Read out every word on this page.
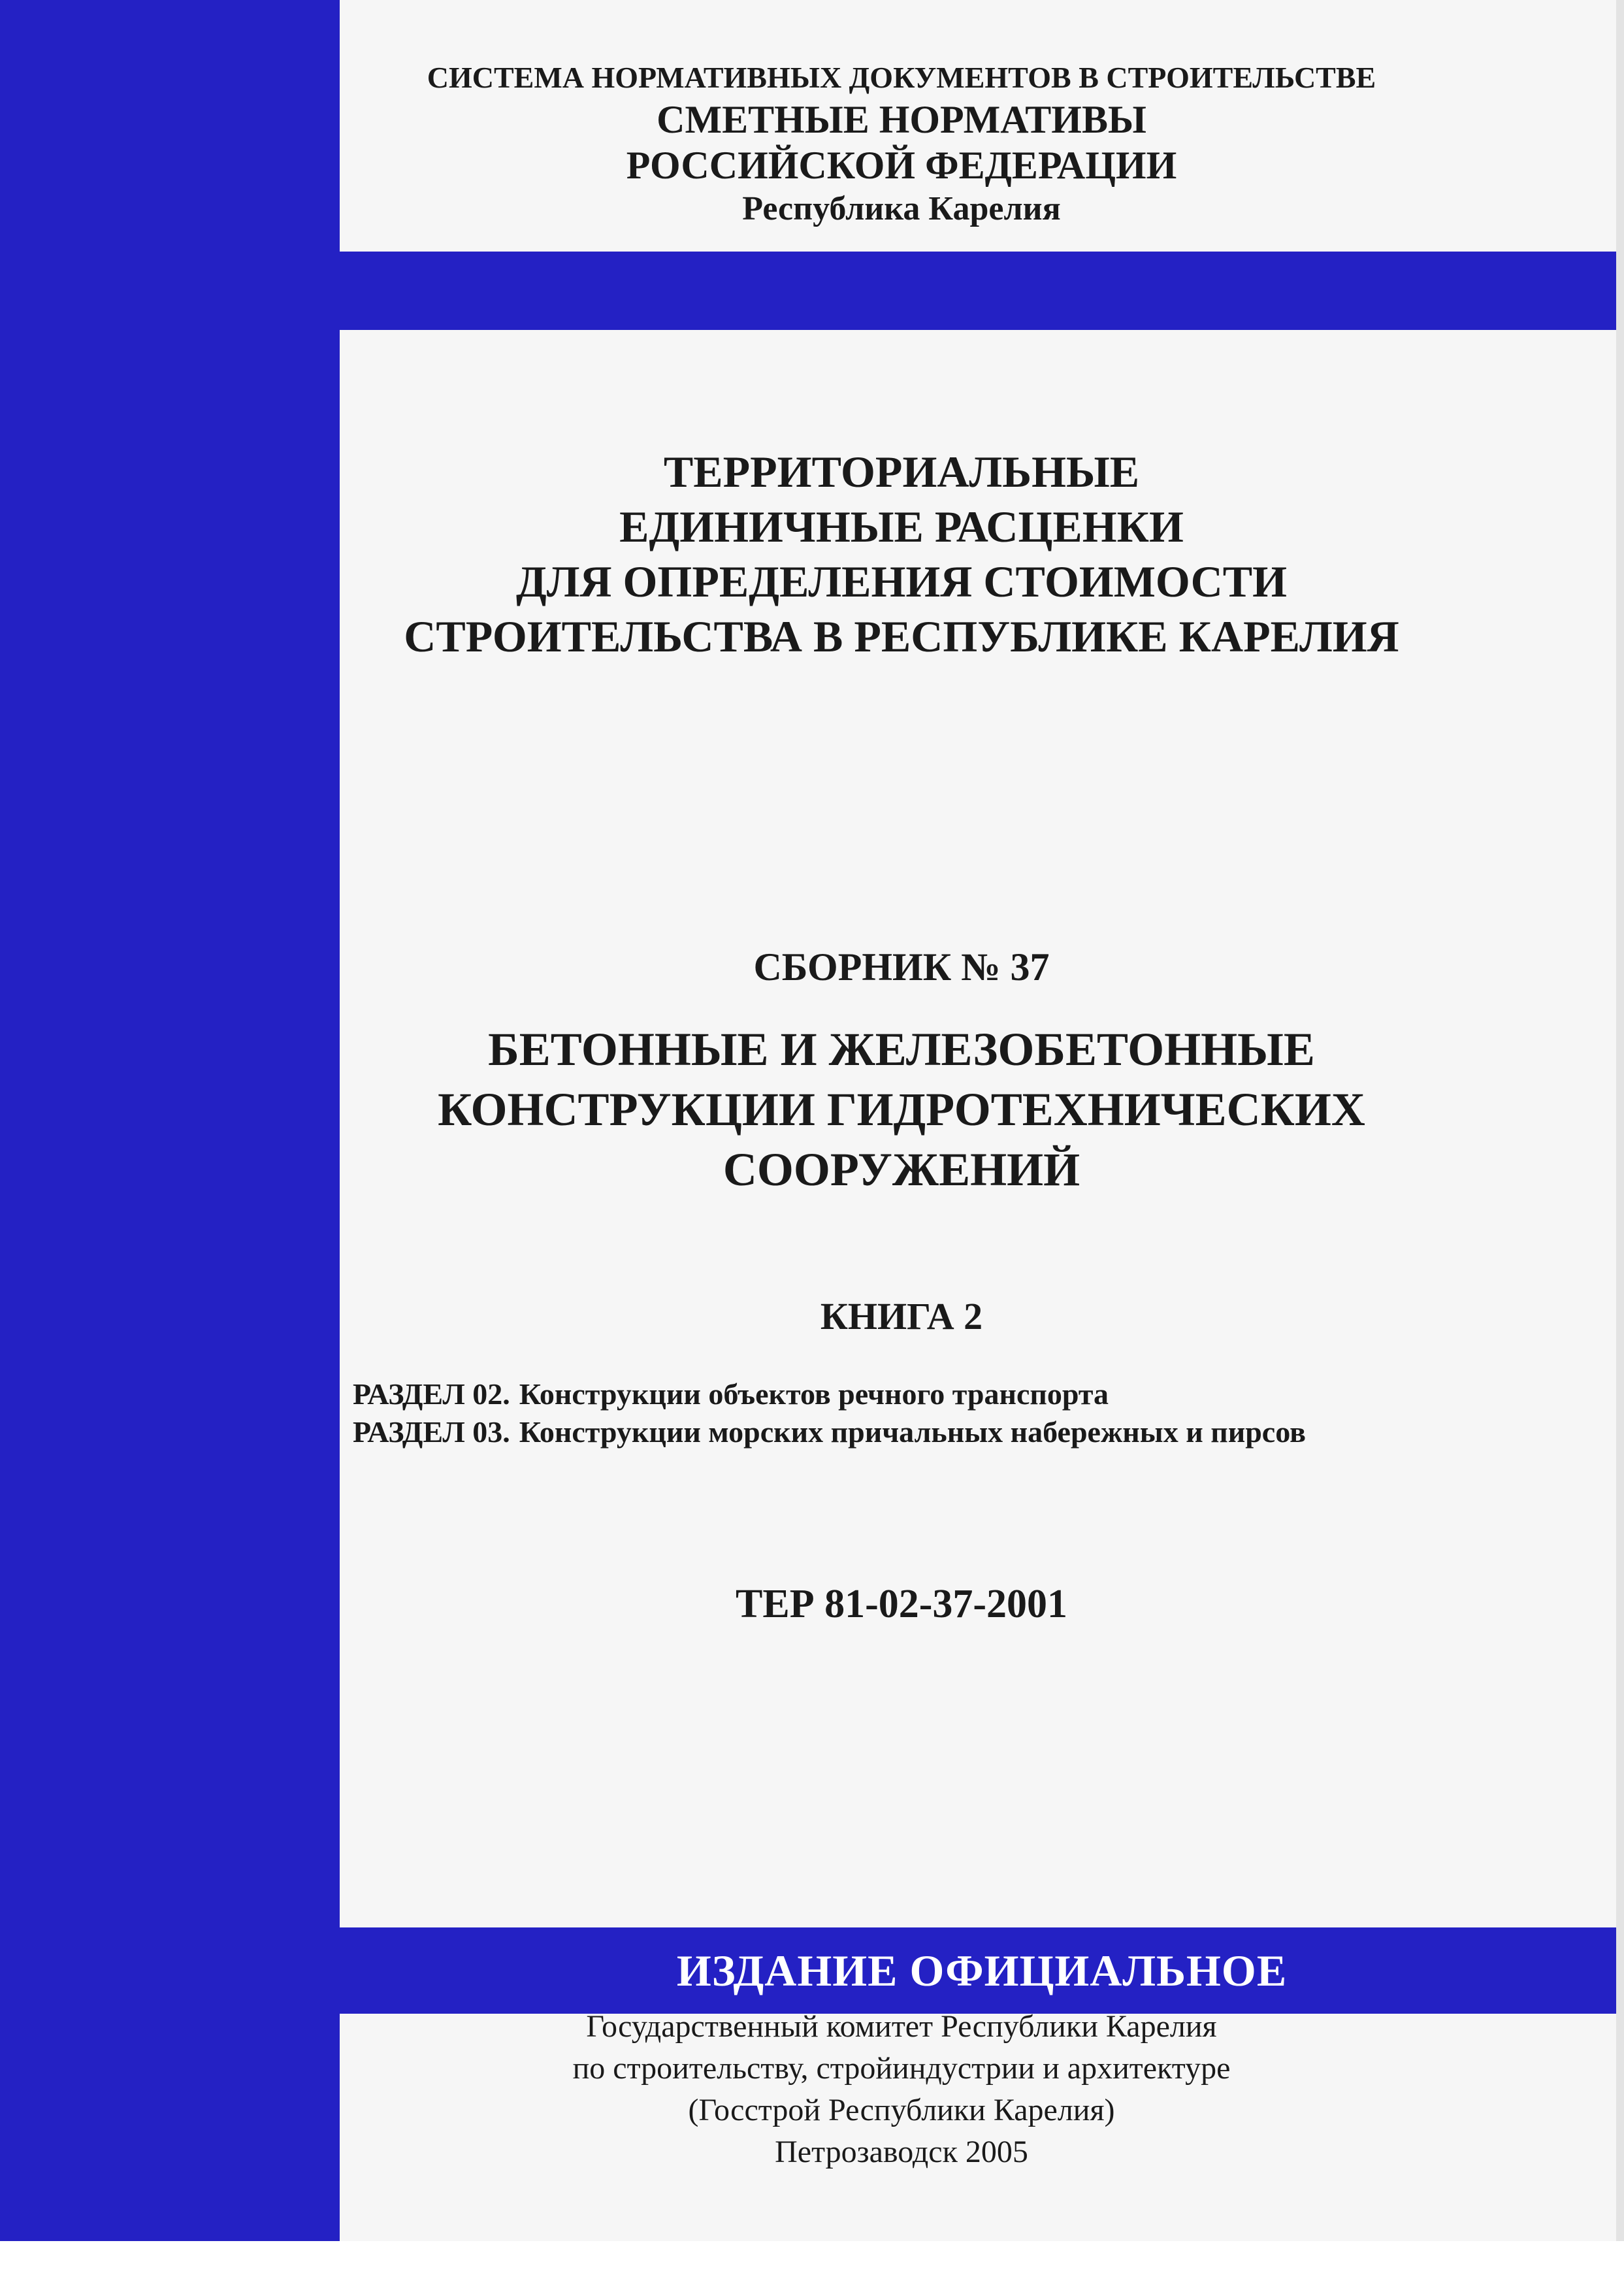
СИСТЕМА НОРМАТИВНЫХ ДОКУМЕНТОВ В СТРОИТЕЛЬСТВЕ
СМЕТНЫЕ НОРМАТИВЫ
РОССИЙСКОЙ ФЕДЕРАЦИИ
Республика Карелия
ТЕРРИТОРИАЛЬНЫЕ
ЕДИНИЧНЫЕ РАСЦЕНКИ
ДЛЯ ОПРЕДЕЛЕНИЯ СТОИМОСТИ
СТРОИТЕЛЬСТВА В РЕСПУБЛИКЕ КАРЕЛИЯ
СБОРНИК № 37
БЕТОННЫЕ И ЖЕЛЕЗОБЕТОННЫЕ
КОНСТРУКЦИИ ГИДРОТЕХНИЧЕСКИХ
СООРУЖЕНИЙ
КНИГА 2
РАЗДЕЛ 02. Конструкции объектов речного транспорта
РАЗДЕЛ 03. Конструкции морских причальных набережных и пирсов
ТЕР 81-02-37-2001
ИЗДАНИЕ ОФИЦИАЛЬНОЕ
Государственный комитет Республики Карелия
по строительству, стройиндустрии и архитектуре
(Госстрой Республики Карелия)
Петрозаводск 2005
